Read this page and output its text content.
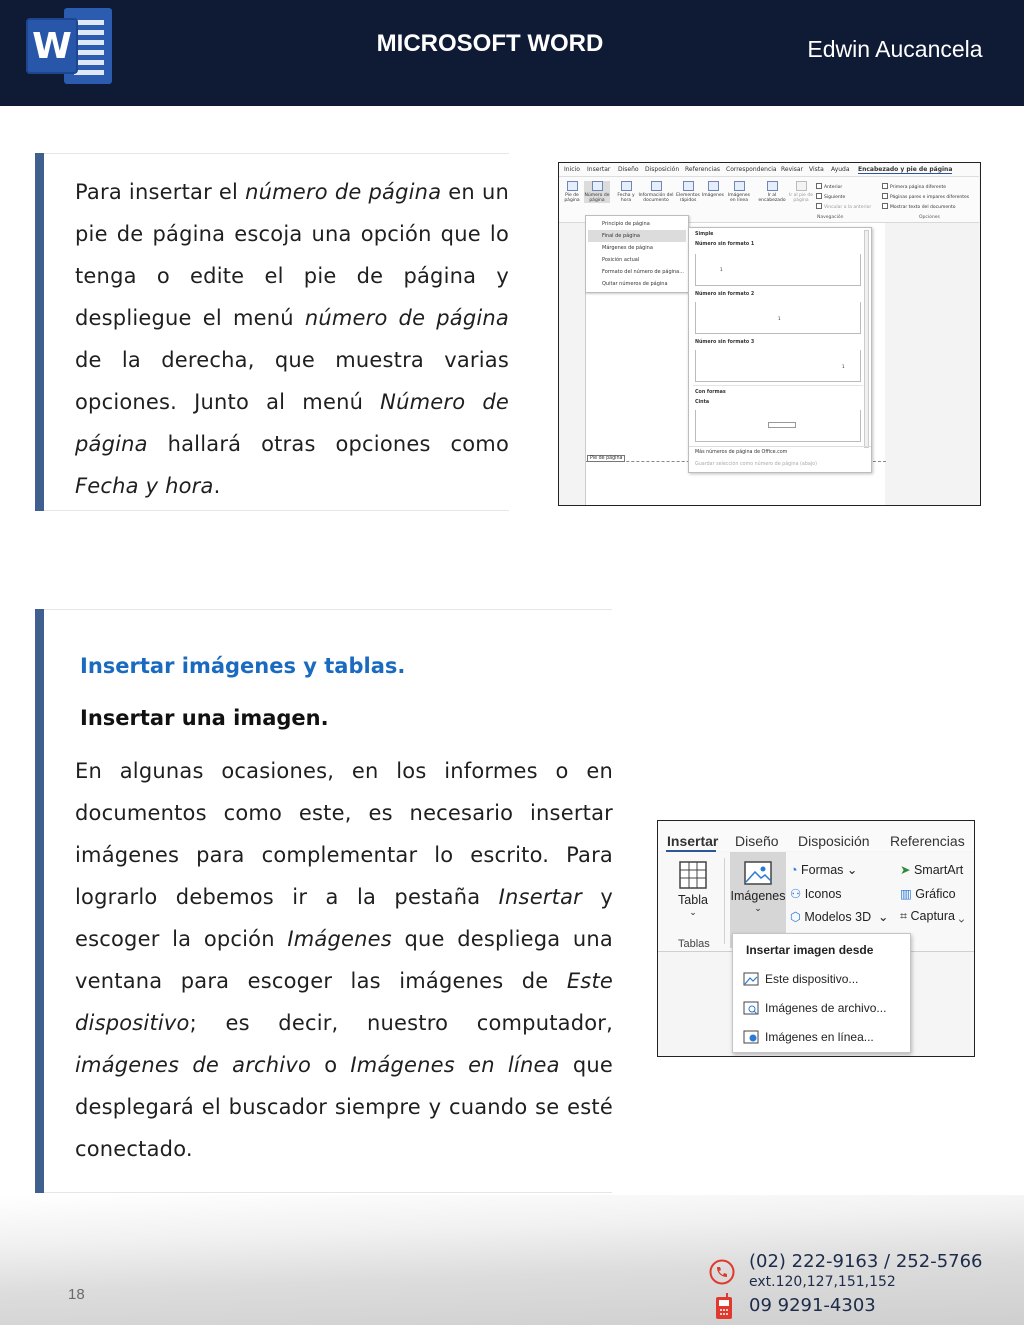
W	MICROSOFT WORD	Edwin Aucancela

Para insertar el número de página en un pie de página escoja una opción que lo tenga o edite el pie de página y despliegue el menú número de página de la derecha, que muestra varias opciones. Junto al menú Número de página hallará otras opciones como Fecha y hora.

Inicio Insertar Diseño Disposición Referencias Correspondencia Revisar Vista Ayuda Encabezado y pie de página
Pie de página
Número de página
Fecha y hora
Información del documento
Elementos rápidos
Imágenes Imágenes en línea
Ir al encabezado
Ir al pie de página
Anterior
Siguiente
Vincular a la anterior
Navegación
Primera página diferente
Páginas pares e impares diferentes
Mostrar texto del documento
Opciones
Pie de página
Principio de página
Final de página
Márgenes de página
Posición actual
Formato del número de página...
Quitar números de página
Simple
Número sin formato 1
1
Número sin formato 2
1
Número sin formato 3
1
Con formas
Cinta
Más números de página de Office.com
Guardar selección como número de página (abajo)
Insertar imágenes y tablas.
Insertar una imagen.

En algunas ocasiones, en los informes o en documentos como este, es necesario insertar imágenes para complementar lo escrito. Para lograrlo debemos ir a la pestaña Insertar y escoger la opción Imágenes que despliega una ventana para escoger las imágenes de Este dispositivo; es decir, nuestro computador, imágenes de archivo o Imágenes en línea que desplegará el buscador siempre y cuando se esté conectado.

Insertar Diseño Disposición Referencias
Tabla
⌄
Imágenes
⌄
◔ Formas ⌄
⚇ Iconos
⬡ Modelos 3D  ⌄
➤ SmartArt
▥ Gráfico
⌗ Captura ⌄
Tablas	Insertar imagen desde
Este dispositivo...
Imágenes de archivo...
Imágenes en línea...
18
(02) 222-9163 / 252-5766
ext.120,127,151,152
09 9291-4303
